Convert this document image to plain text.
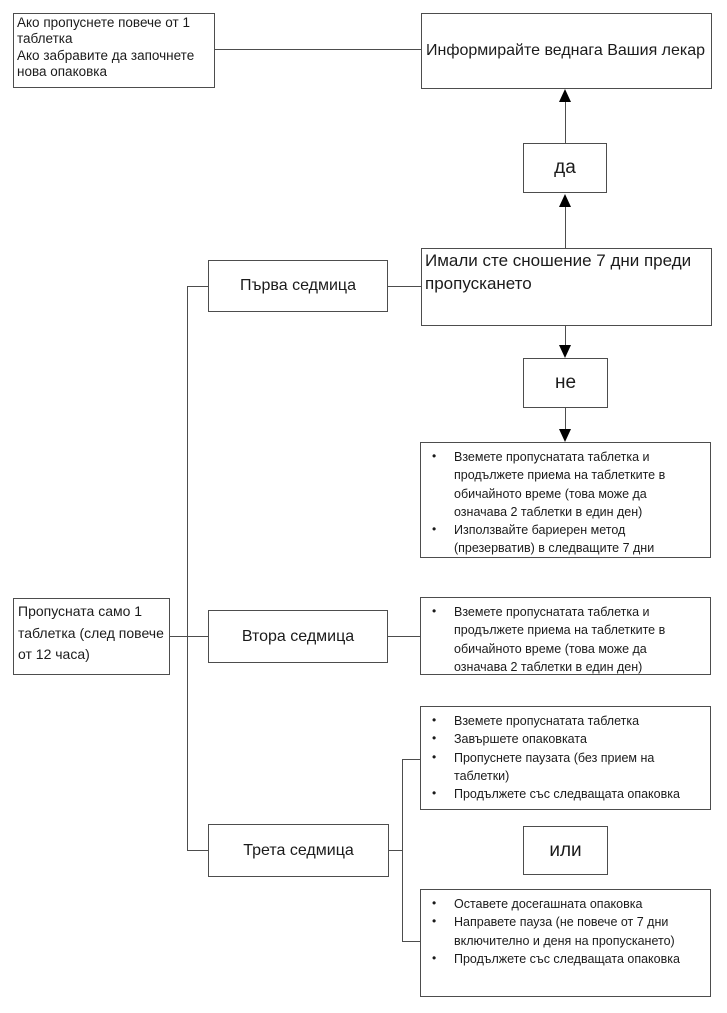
Ако пропуснете повече от 1 таблетка
Ако забравите да започнете нова опаковка
Информирайте веднага Вашия лекар
да
Имали сте сношение 7 дни преди пропускането
Първа седмица
не
• Вземете пропуснатата таблетка и продължете приема на таблетките в обичайното време (това може да означава 2 таблетки в един ден)
• Използвайте бариерен метод (презерватив) в следващите 7 дни
Пропусната само 1 таблетка (след повече от 12 часа)
Втора седмица
• Вземете пропуснатата таблетка и продължете приема на таблетките в обичайното време (това може да означава 2 таблетки в един ден)
Трета седмица
• Вземете пропуснатата таблетка
• Завършете опаковката
• Пропуснете паузата (без прием на таблетки)
• Продължете със следващата опаковка
или
• Оставете досегашната опаковка
• Направете пауза (не повече от 7 дни включително и деня на пропускането)
• Продължете със следващата опаковка
